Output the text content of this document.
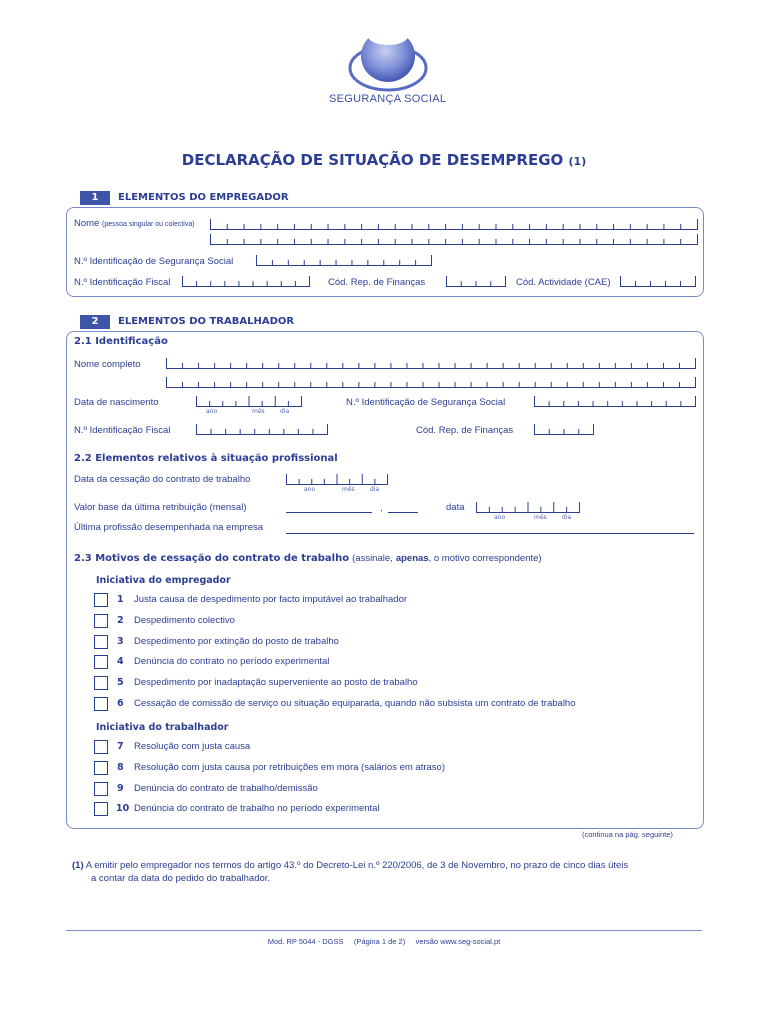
SEGURANÇA SOCIAL
DECLARAÇÃO DE SITUAÇÃO DE DESEMPREGO (1)
1	ELEMENTOS DO EMPREGADOR
Nome (pessoa singular ou colectiva)
N.º Identificação de Segurança Social
N.º Identificação Fiscal	Cód. Rep. de Finanças	Cód. Actividade (CAE)
2	ELEMENTOS DO TRABALHADOR
2.1 Identificação
Nome completo
Data de nascimento
ano	mês	dia
N.º Identificação de Segurança Social
N.º Identificação Fiscal	Cód. Rep. de Finanças
2.2 Elementos relativos à situação profissional
Data da cessação do contrato de trabalho
ano	mês	dia
Valor base da última retribuição (mensal)	,	data
ano	mês	dia
Última profissão desempenhada na empresa
2.3 Motivos de cessação do contrato de trabalho (assinale, apenas, o motivo correspondente)
Iniciativa do empregador
1 Justa causa de despedimento por facto imputável ao trabalhador
2 Despedimento colectivo
3 Despedimento por extinção do posto de trabalho
4 Denúncia do contrato no período experimental
5 Despedimento por inadaptação superveniente ao posto de trabalho
6 Cessação de comissão de serviço ou situação equiparada, quando não subsista um contrato de trabalho
Iniciativa do trabalhador
7 Resolução com justa causa
8 Resolução com justa causa por retribuições em mora (salários em atraso)
9 Denúncia do contrato de trabalho/demissão
10 Denúncia do contrato de trabalho no período experimental
(continua na pág. seguinte)
(1) A emitir pelo empregador nos termos do artigo 43.º do Decreto-Lei n.º 220/2006, de 3 de Novembro, no prazo de cinco dias úteis
a contar da data do pedido do trabalhador.
Mod. RP 5044 - DGSS (Página 1 de 2) versão www.seg-social.pt
